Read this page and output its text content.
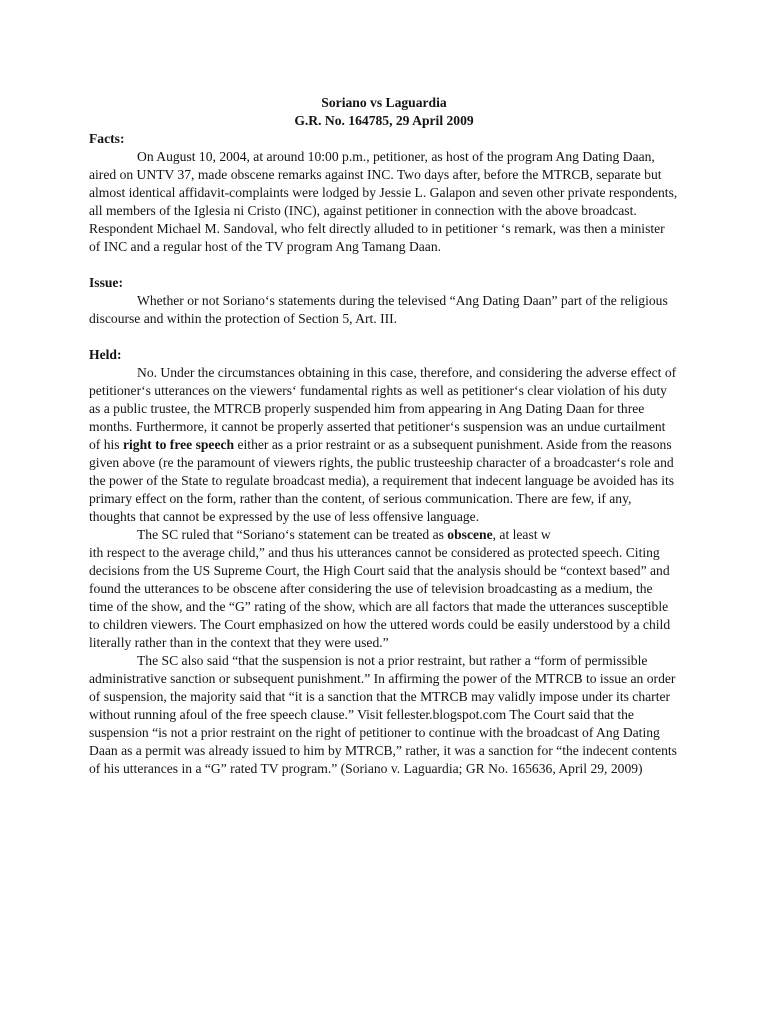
Soriano vs Laguardia

G.R. No. 164785, 29 April 2009

Facts:

On August 10, 2004, at around 10:00 p.m., petitioner, as host of the program Ang Dating Daan, aired on UNTV 37, made obscene remarks against INC. Two days after, before the MTRCB, separate but almost identical affidavit-complaints were lodged by Jessie L. Galapon and seven other private respondents, all members of the Iglesia ni Cristo (INC), against petitioner in connection with the above broadcast. Respondent Michael M. Sandoval, who felt directly alluded to in petitioner ‘s remark, was then a minister of INC and a regular host of the TV program Ang Tamang Daan.

Issue:

Whether or not Soriano‘s statements during the televised “Ang Dating Daan” part of the religious discourse and within the protection of Section 5, Art. III.

Held:

No. Under the circumstances obtaining in this case, therefore, and considering the adverse effect of petitioner‘s utterances on the viewers‘ fundamental rights as well as petitioner‘s clear violation of his duty as a public trustee, the MTRCB properly suspended him from appearing in Ang Dating Daan for three months. Furthermore, it cannot be properly asserted that petitioner‘s suspension was an undue curtailment of his right to free speech either as a prior restraint or as a subsequent punishment. Aside from the reasons given above (re the paramount of viewers rights, the public trusteeship character of a broadcaster‘s role and the power of the State to regulate broadcast media), a requirement that indecent language be avoided has its primary effect on the form, rather than the content, of serious communication. There are few, if any, thoughts that cannot be expressed by the use of less offensive language.

The SC ruled that “Soriano‘s statement can be treated as obscene, at least w
ith respect to the average child,” and thus his utterances cannot be considered as protected speech. Citing decisions from the US Supreme Court, the High Court said that the analysis should be “context based” and found the utterances to be obscene after considering the use of television broadcasting as a medium, the time of the show, and the “G” rating of the show, which are all factors that made the utterances susceptible to children viewers. The Court emphasized on how the uttered words could be easily understood by a child literally rather than in the context that they were used.”

The SC also said “that the suspension is not a prior restraint, but rather a “form of permissible administrative sanction or subsequent punishment.” In affirming the power of the MTRCB to issue an order of suspension, the majority said that “it is a sanction that the MTRCB may validly impose under its charter without running afoul of the free speech clause.” Visit fellester.blogspot.com The Court said that the suspension “is not a prior restraint on the right of petitioner to continue with the broadcast of Ang Dating Daan as a permit was already issued to him by MTRCB,” rather, it was a sanction for “the indecent contents of his utterances in a “G” rated TV program.” (Soriano v. Laguardia; GR No. 165636, April 29, 2009)
